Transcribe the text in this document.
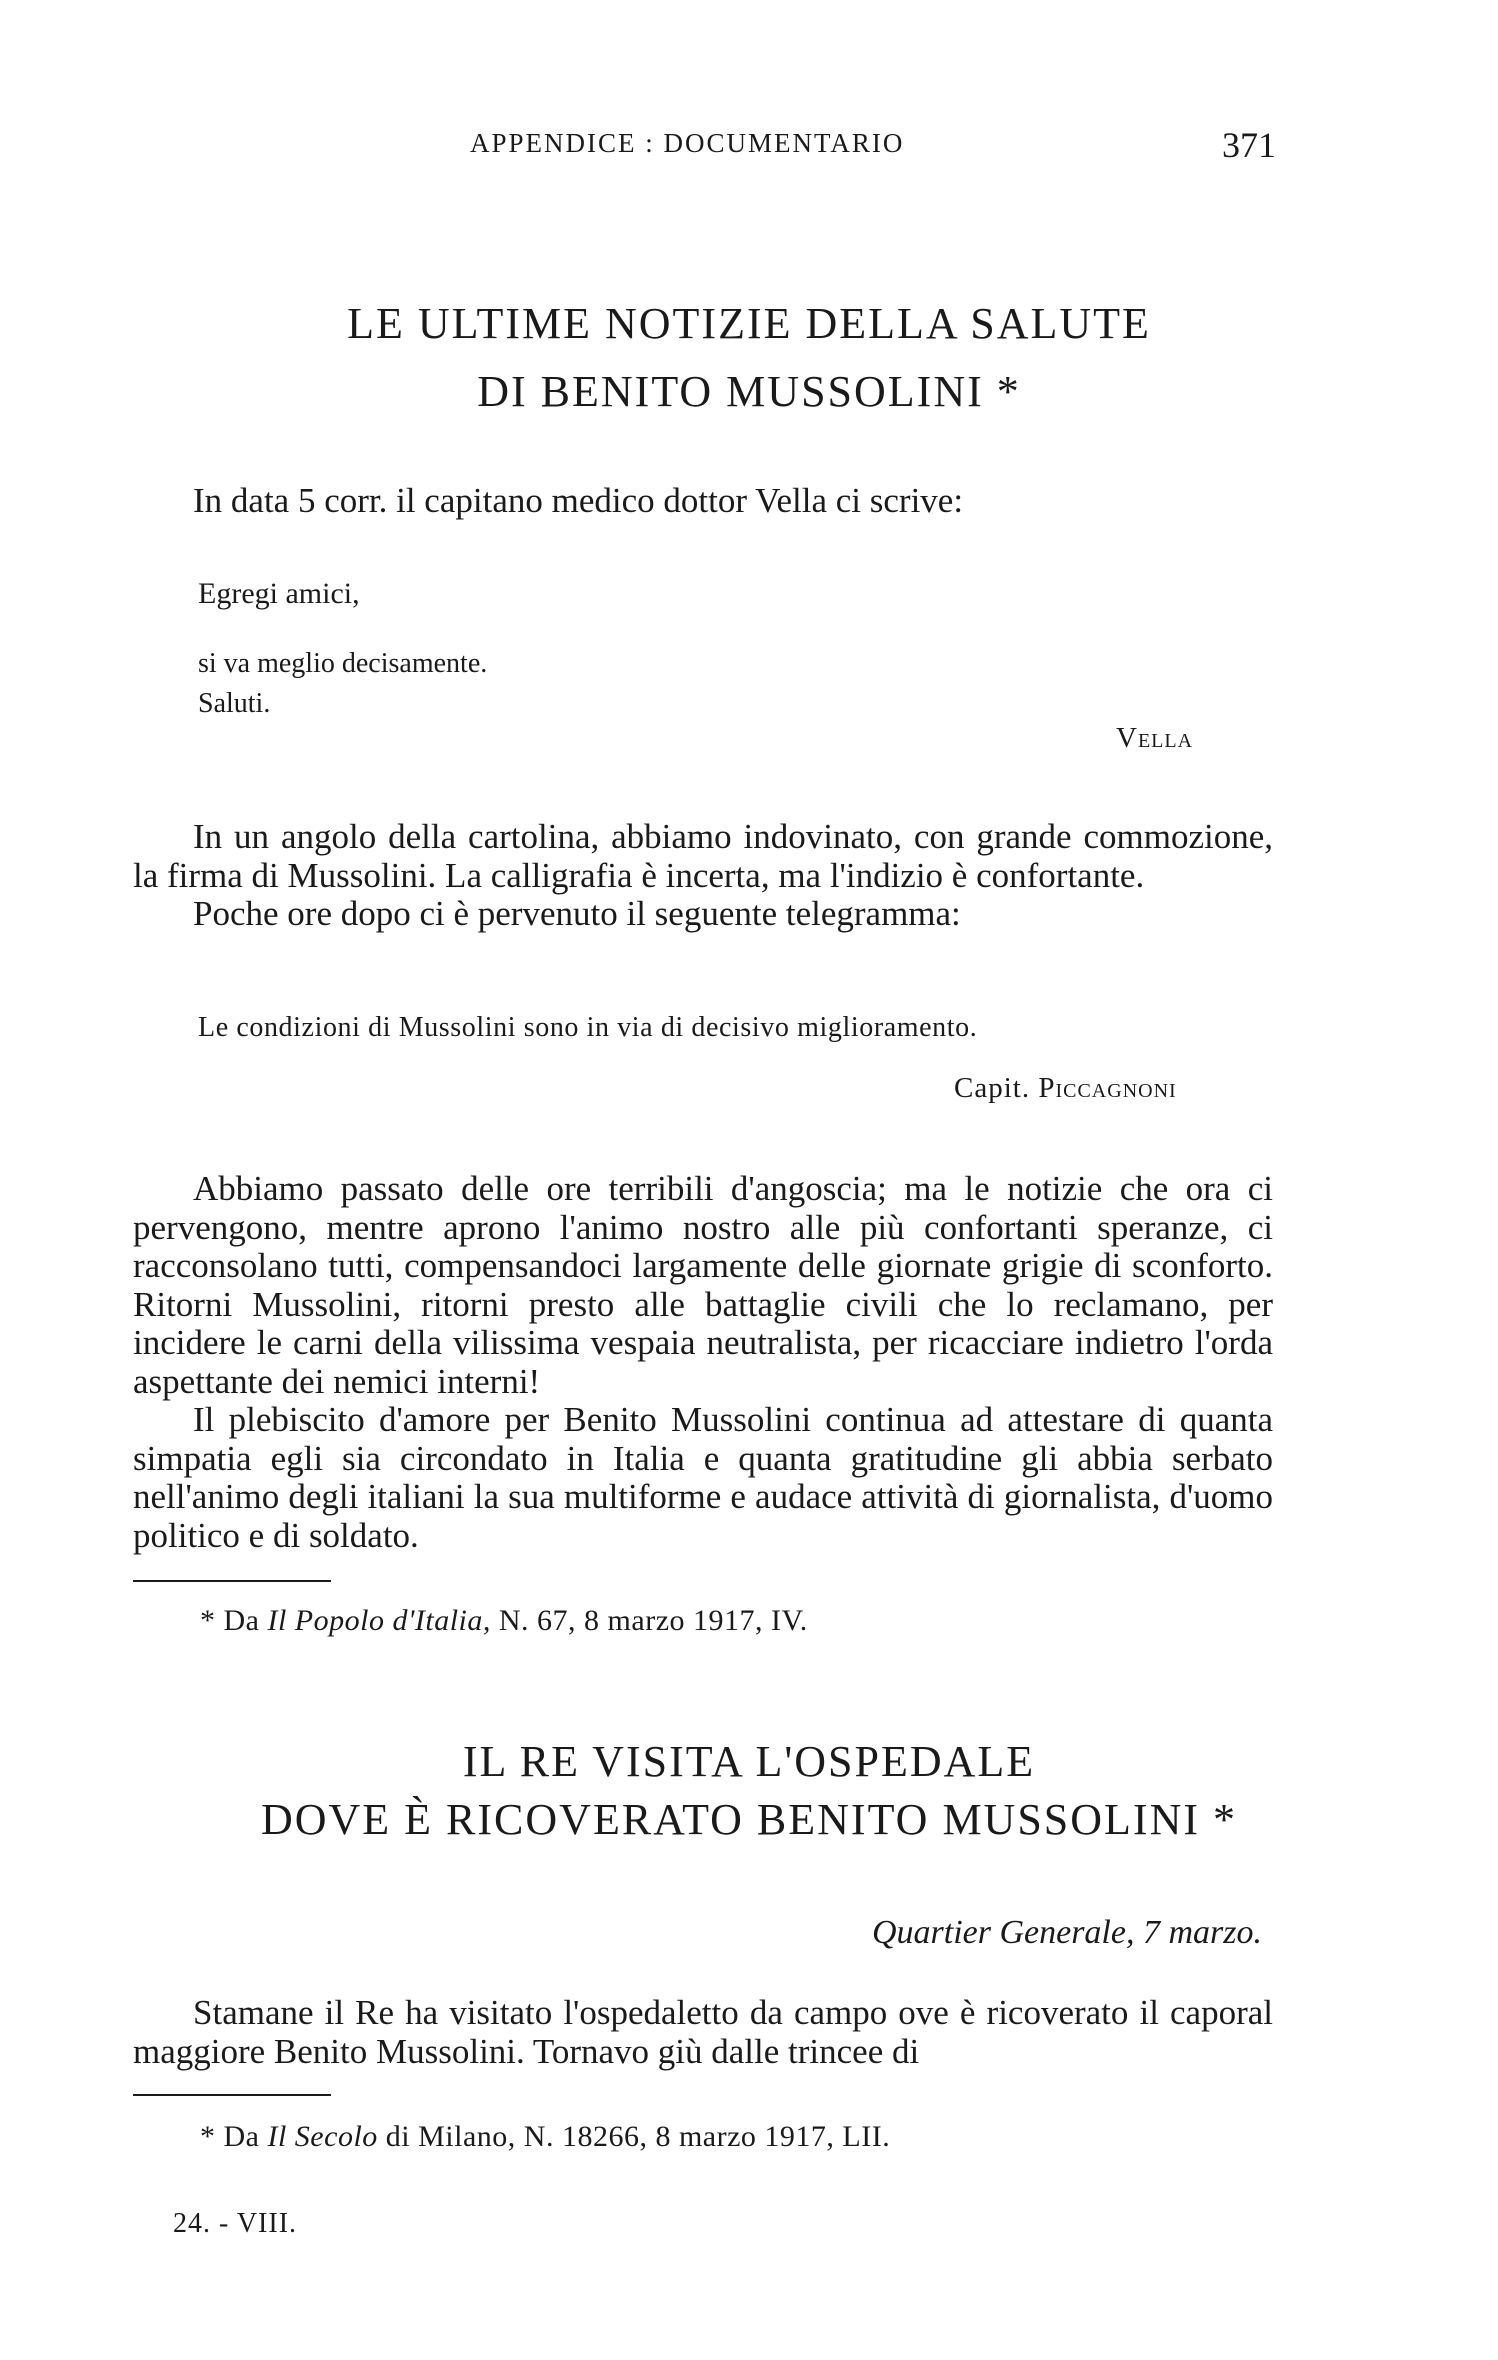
APPENDICE : DOCUMENTARIO	371
LE ULTIME NOTIZIE DELLA SALUTE
DI BENITO MUSSOLINI *

In data 5 corr. il capitano medico dottor Vella ci scrive:

Egregi amici,
si va meglio decisamente.
Saluti.
Vella

In un angolo della cartolina, abbiamo indovinato, con grande commozione, la firma di Mussolini. La calligrafia è incerta, ma l'indizio è confortante.

Poche ore dopo ci è pervenuto il seguente telegramma:

Le condizioni di Mussolini sono in via di decisivo miglioramento.
Capit. Piccagnoni

Abbiamo passato delle ore terribili d'angoscia; ma le notizie che ora ci pervengono, mentre aprono l'animo nostro alle più confortanti speranze, ci racconsolano tutti, compensandoci largamente delle giornate grigie di sconforto. Ritorni Mussolini, ritorni presto alle battaglie civili che lo reclamano, per incidere le carni della vilissima vespaia neutralista, per ricacciare indietro l'orda aspettante dei nemici interni!

Il plebiscito d'amore per Benito Mussolini continua ad attestare di quanta simpatia egli sia circondato in Italia e quanta gratitudine gli abbia serbato nell'animo degli italiani la sua multiforme e audace attività di giornalista, d'uomo politico e di soldato.

* Da Il Popolo d'Italia, N. 67, 8 marzo 1917, IV.
IL RE VISITA L'OSPEDALE
DOVE È RICOVERATO BENITO MUSSOLINI *
Quartier Generale, 7 marzo.

Stamane il Re ha visitato l'ospedaletto da campo ove è ricoverato il caporal maggiore Benito Mussolini. Tornavo giù dalle trincee di

* Da Il Secolo di Milano, N. 18266, 8 marzo 1917, LII.
24. - VIII.
